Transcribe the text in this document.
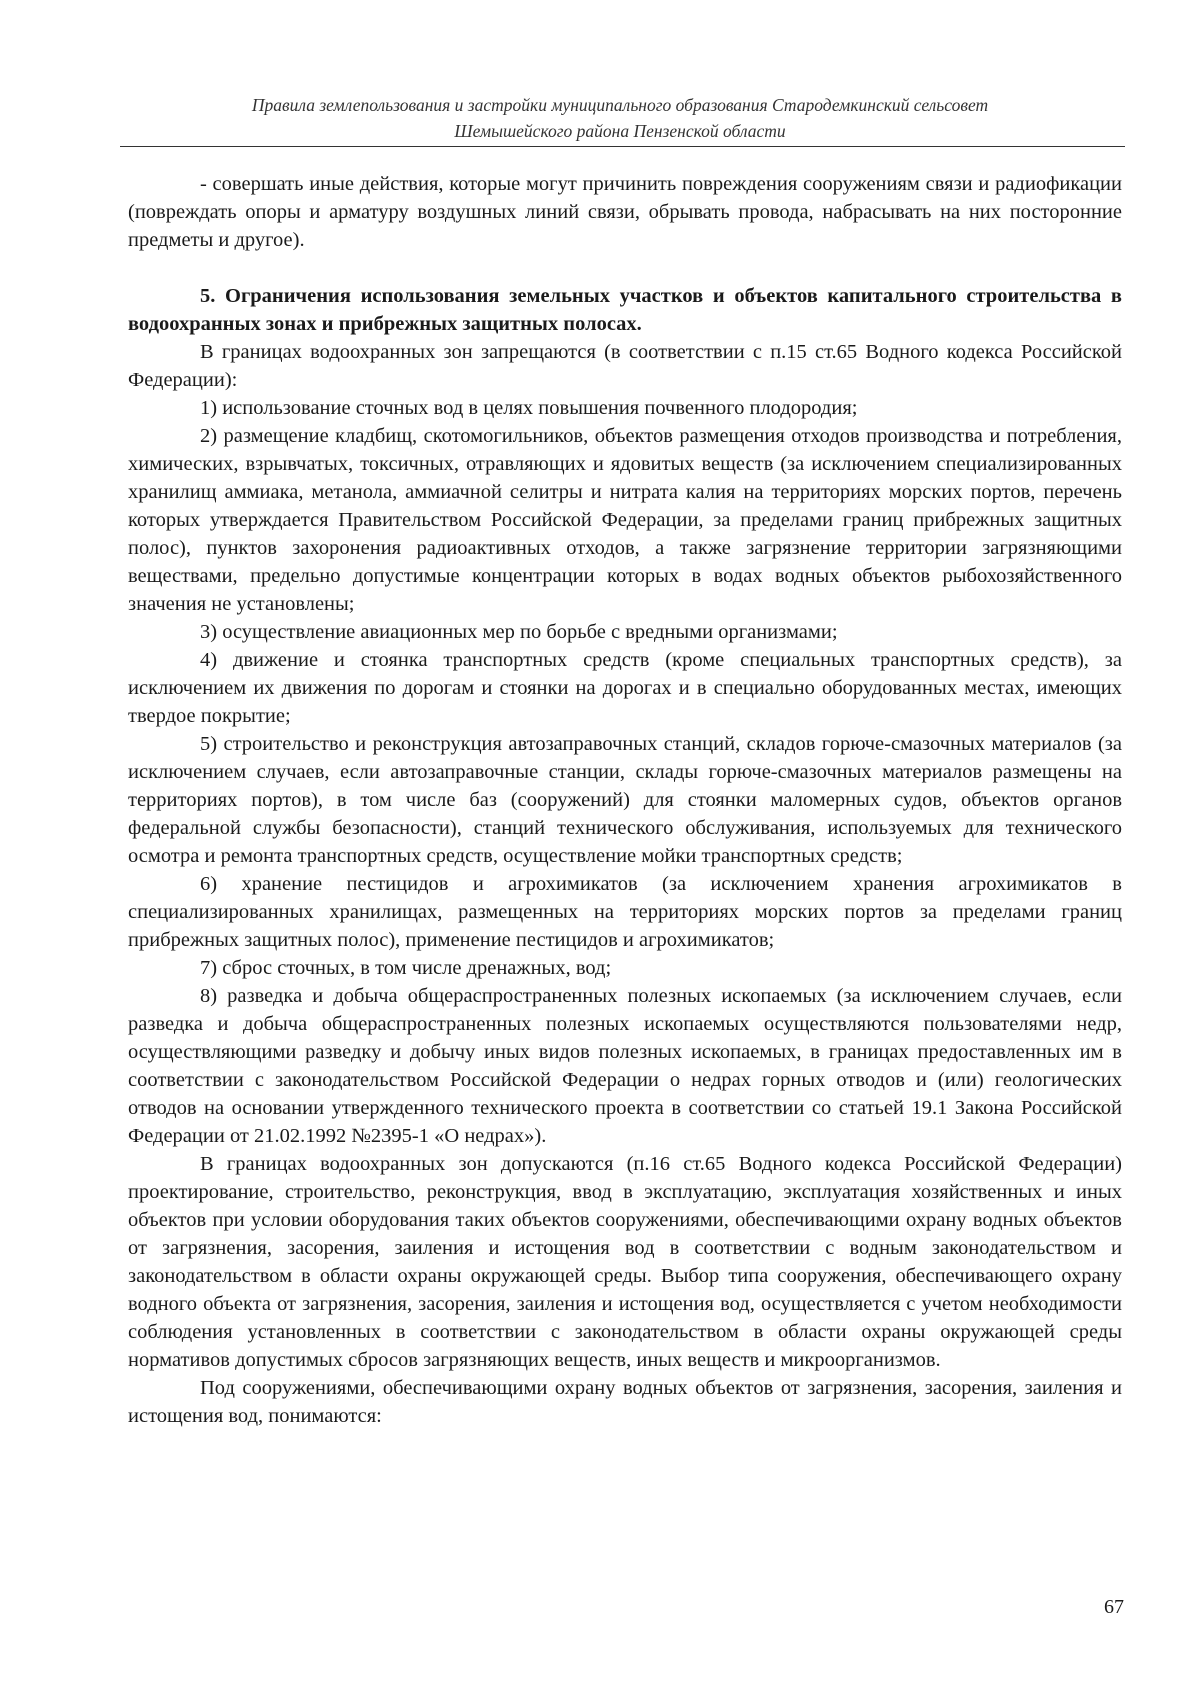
Правила землепользования и застройки муниципального образования Стародемкинский сельсовет
Шемышейского района Пензенской области

- совершать иные действия, которые могут причинить повреждения сооружениям связи и радиофикации (повреждать опоры и арматуру воздушных линий связи, обрывать провода, набрасывать на них посторонние предметы и другое).

5. Ограничения использования земельных участков и объектов капитального строительства в водоохранных зонах и прибрежных защитных полосах.

В границах водоохранных зон запрещаются (в соответствии с п.15 ст.65 Водного кодекса Российской Федерации):

1) использование сточных вод в целях повышения почвенного плодородия;

2) размещение кладбищ, скотомогильников, объектов размещения отходов производства и потребления, химических, взрывчатых, токсичных, отравляющих и ядовитых веществ (за исключением специализированных хранилищ аммиака, метанола, аммиачной селитры и нитрата калия на территориях морских портов, перечень которых утверждается Правительством Российской Федерации, за пределами границ прибрежных защитных полос), пунктов захоронения радиоактивных отходов, а также загрязнение территории загрязняющими веществами, предельно допустимые концентрации которых в водах водных объектов рыбохозяйственного значения не установлены;

3) осуществление авиационных мер по борьбе с вредными организмами;

4) движение и стоянка транспортных средств (кроме специальных транспортных средств), за исключением их движения по дорогам и стоянки на дорогах и в специально оборудованных местах, имеющих твердое покрытие;

5) строительство и реконструкция автозаправочных станций, складов горюче-смазочных материалов (за исключением случаев, если автозаправочные станции, склады горюче-смазочных материалов размещены на территориях портов), в том числе баз (сооружений) для стоянки маломерных судов, объектов органов федеральной службы безопасности), станций технического обслуживания, используемых для технического осмотра и ремонта транспортных средств, осуществление мойки транспортных средств;

6) хранение пестицидов и агрохимикатов (за исключением хранения агрохимикатов в специализированных хранилищах, размещенных на территориях морских портов за пределами границ прибрежных защитных полос), применение пестицидов и агрохимикатов;

7) сброс сточных, в том числе дренажных, вод;

8) разведка и добыча общераспространенных полезных ископаемых (за исключением случаев, если разведка и добыча общераспространенных полезных ископаемых осуществляются пользователями недр, осуществляющими разведку и добычу иных видов полезных ископаемых, в границах предоставленных им в соответствии с законодательством Российской Федерации о недрах горных отводов и (или) геологических отводов на основании утвержденного технического проекта в соответствии со статьей 19.1 Закона Российской Федерации от 21.02.1992 №2395-1 «О недрах»).

В границах водоохранных зон допускаются (п.16 ст.65 Водного кодекса Российской Федерации) проектирование, строительство, реконструкция, ввод в эксплуатацию, эксплуатация хозяйственных и иных объектов при условии оборудования таких объектов сооружениями, обеспечивающими охрану водных объектов от загрязнения, засорения, заиления и истощения вод в соответствии с водным законодательством и законодательством в области охраны окружающей среды. Выбор типа сооружения, обеспечивающего охрану водного объекта от загрязнения, засорения, заиления и истощения вод, осуществляется с учетом необходимости соблюдения установленных в соответствии с законодательством в области охраны окружающей среды нормативов допустимых сбросов загрязняющих веществ, иных веществ и микроорганизмов.

Под сооружениями, обеспечивающими охрану водных объектов от загрязнения, засорения, заиления и истощения вод, понимаются:

67
